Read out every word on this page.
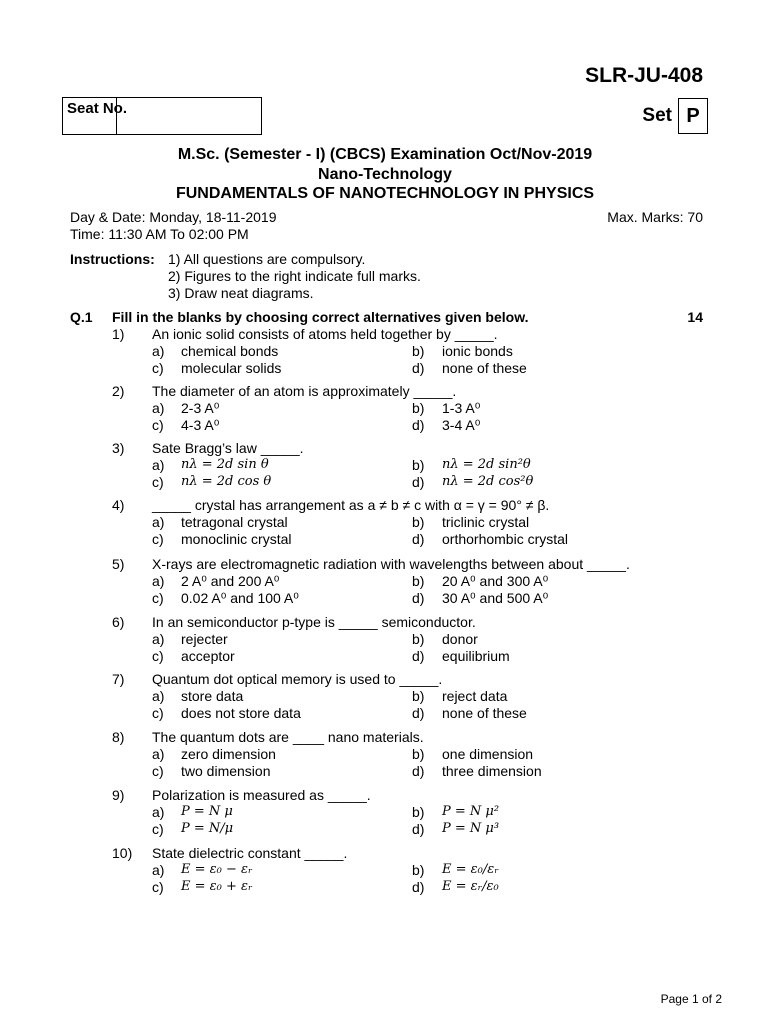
SLR-JU-408
Seat No.	Set P
M.Sc. (Semester - I) (CBCS) Examination Oct/Nov-2019
Nano-Technology
FUNDAMENTALS OF NANOTECHNOLOGY IN PHYSICS
Day & Date: Monday, 18-11-2019	Max. Marks: 70
Time: 11:30 AM To 02:00 PM
Instructions: 1) All questions are compulsory.
2) Figures to the right indicate full marks.
3) Draw neat diagrams.
Q.1 Fill in the blanks by choosing correct alternatives given below.	14
1) An ionic solid consists of atoms held together by _____.
a) chemical bonds	b) ionic bonds
c) molecular solids	d) none of these
2) The diameter of an atom is approximately _____.
a) 2-3 A⁰	b) 1-3 A⁰
c) 4-3 A⁰	d) 3-4 A⁰
3) Sate Bragg’s law _____.
a) nλ = 2d sin θ	b) nλ = 2d sin²θ
c) nλ = 2d cos θ	d) nλ = 2d cos²θ
4) _____ crystal has arrangement as a ≠ b ≠ c with α = γ = 90° ≠ β.
a) tetragonal crystal	b) triclinic crystal
c) monoclinic crystal	d) orthorhombic crystal
5) X-rays are electromagnetic radiation with wavelengths between about _____.
a) 2 A⁰ and 200 A⁰	b) 20 A⁰ and 300 A⁰
c) 0.02 A⁰ and 100 A⁰	d) 30 A⁰ and 500 A⁰
6) In an semiconductor p-type is _____ semiconductor.
a) rejecter	b) donor
c) acceptor	d) equilibrium
7) Quantum dot optical memory is used to _____.
a) store data	b) reject data
c) does not store data	d) none of these
8) The quantum dots are ____ nano materials.
a) zero dimension	b) one dimension
c) two dimension	d) three dimension
9) Polarization is measured as _____.
a) P = N μ	b) P = N μ²
c) P = N/μ	d) P = N μ³
10) State dielectric constant _____.
a) E = ε₀ − εᵣ	b) E = ε₀/εᵣ
c) E = ε₀ + εᵣ	d) E = εᵣ/ε₀
Page 1 of 2
